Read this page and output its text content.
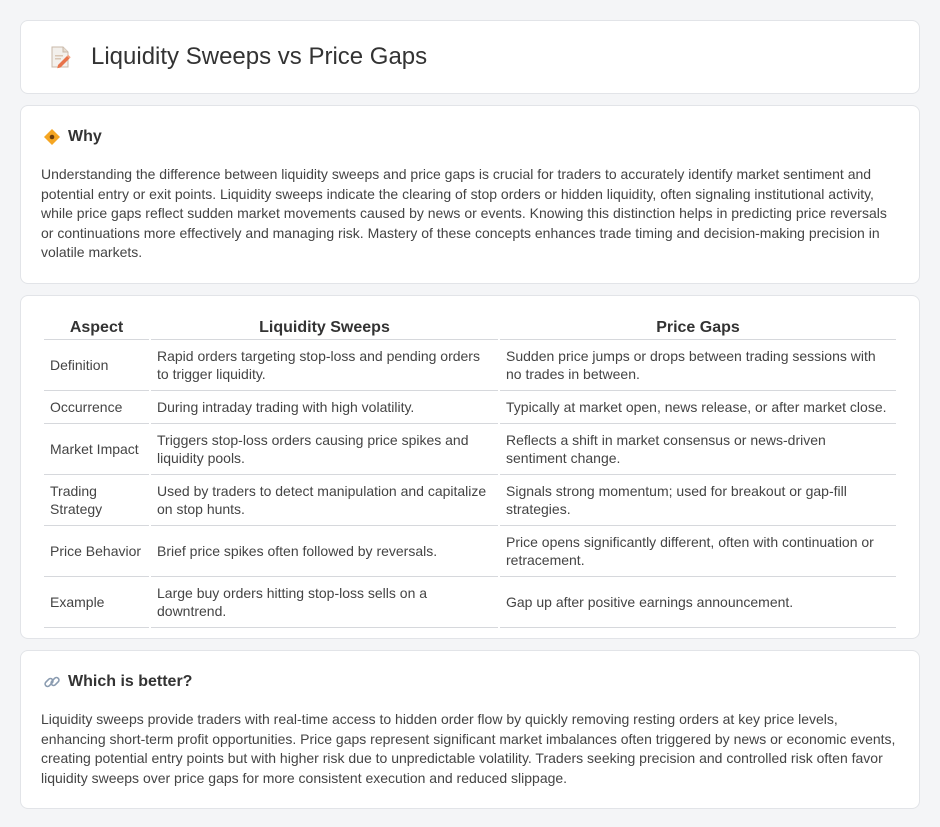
Liquidity Sweeps vs Price Gaps
Why

Understanding the difference between liquidity sweeps and price gaps is crucial for traders to accurately identify market sentiment and potential entry or exit points. Liquidity sweeps indicate the clearing of stop orders or hidden liquidity, often signaling institutional activity, while price gaps reflect sudden market movements caused by news or events. Knowing this distinction helps in predicting price reversals or continuations more effectively and managing risk. Mastery of these concepts enhances trade timing and decision-making precision in volatile markets.

Aspect	Liquidity Sweeps	Price Gaps
Definition	Rapid orders targeting stop-loss and pending orders to trigger liquidity.	Sudden price jumps or drops between trading sessions with no trades in between.
Occurrence	During intraday trading with high volatility.	Typically at market open, news release, or after market close.
Market Impact	Triggers stop-loss orders causing price spikes and liquidity pools.	Reflects a shift in market consensus or news-driven sentiment change.
Trading Strategy	Used by traders to detect manipulation and capitalize on stop hunts.	Signals strong momentum; used for breakout or gap-fill strategies.
Price Behavior	Brief price spikes often followed by reversals.	Price opens significantly different, often with continuation or retracement.
Example	Large buy orders hitting stop-loss sells on a downtrend.	Gap up after positive earnings announcement.
Which is better?

Liquidity sweeps provide traders with real-time access to hidden order flow by quickly removing resting orders at key price levels, enhancing short-term profit opportunities. Price gaps represent significant market imbalances often triggered by news or economic events, creating potential entry points but with higher risk due to unpredictable volatility. Traders seeking precision and controlled risk often favor liquidity sweeps over price gaps for more consistent execution and reduced slippage.
